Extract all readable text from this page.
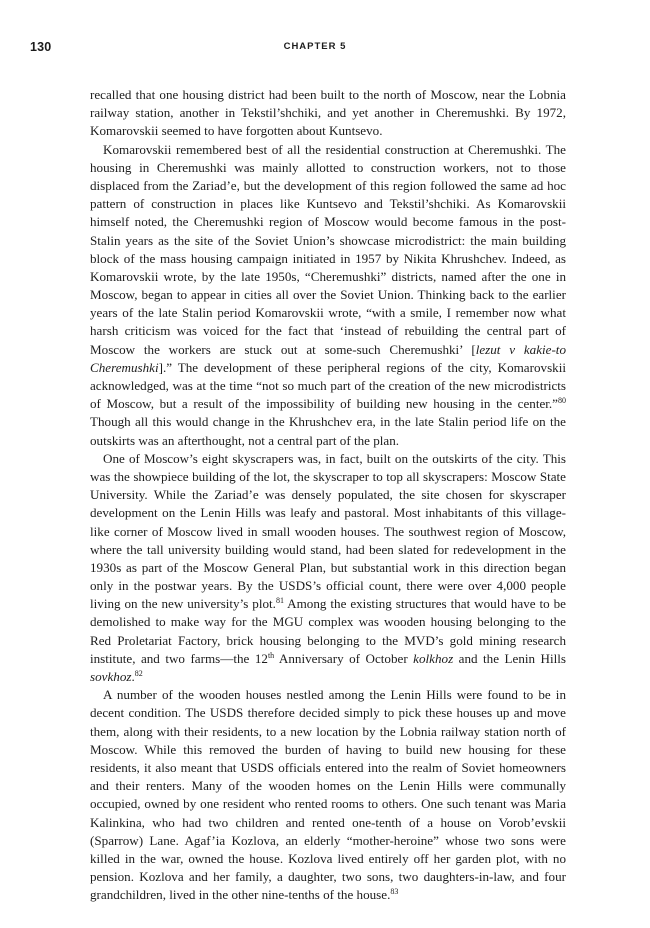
130	CHAPTER 5

recalled that one housing district had been built to the north of Moscow, near the Lobnia railway station, another in Tekstil’shchiki, and yet another in Cheremushki. By 1972, Komarovskii seemed to have forgotten about Kuntsevo.

Komarovskii remembered best of all the residential construction at Cheremushki. The housing in Cheremushki was mainly allotted to construction workers, not to those displaced from the Zariad’e, but the development of this region followed the same ad hoc pattern of construction in places like Kuntsevo and Tekstil’shchiki. As Komarovskii himself noted, the Cheremushki region of Moscow would become famous in the post-Stalin years as the site of the Soviet Union’s showcase microdistrict: the main building block of the mass housing campaign initiated in 1957 by Nikita Khrushchev. Indeed, as Komarovskii wrote, by the late 1950s, “Cheremushki” districts, named after the one in Moscow, began to appear in cities all over the Soviet Union. Thinking back to the earlier years of the late Stalin period Komarovskii wrote, “with a smile, I remember now what harsh criticism was voiced for the fact that ‘instead of rebuilding the central part of Moscow the workers are stuck out at some-such Cheremushki’ [lezut v kakie-to Cheremushki].” The development of these peripheral regions of the city, Komarovskii acknowledged, was at the time “not so much part of the creation of the new microdistricts of Moscow, but a result of the impossibility of building new housing in the center.”$^{80}$ Though all this would change in the Khrushchev era, in the late Stalin period life on the outskirts was an afterthought, not a central part of the plan.

One of Moscow’s eight skyscrapers was, in fact, built on the outskirts of the city. This was the showpiece building of the lot, the skyscraper to top all skyscrapers: Moscow State University. While the Zariad’e was densely populated, the site chosen for skyscraper development on the Lenin Hills was leafy and pastoral. Most inhabitants of this village-like corner of Moscow lived in small wooden houses. The southwest region of Moscow, where the tall university building would stand, had been slated for redevelopment in the 1930s as part of the Moscow General Plan, but substantial work in this direction began only in the postwar years. By the USDS’s official count, there were over 4,000 people living on the new university’s plot.$^{81}$ Among the existing structures that would have to be demolished to make way for the MGU complex was wooden housing belonging to the Red Proletariat Factory, brick housing belonging to the MVD’s gold mining research institute, and two farms—the 12th Anniversary of October kolkhoz and the Lenin Hills sovkhoz.$^{82}$

A number of the wooden houses nestled among the Lenin Hills were found to be in decent condition. The USDS therefore decided simply to pick these houses up and move them, along with their residents, to a new location by the Lobnia railway station north of Moscow. While this removed the burden of having to build new housing for these residents, it also meant that USDS officials entered into the realm of Soviet homeowners and their renters. Many of the wooden homes on the Lenin Hills were communally occupied, owned by one resident who rented rooms to others. One such tenant was Maria Kalinkina, who had two children and rented one-tenth of a house on Vorob’evskii (Sparrow) Lane. Agaf’ia Kozlova, an elderly “mother-heroine” whose two sons were killed in the war, owned the house. Kozlova lived entirely off her garden plot, with no pension. Kozlova and her family, a daughter, two sons, two daughters-in-law, and four grandchildren, lived in the other nine-tenths of the house.$^{83}$
